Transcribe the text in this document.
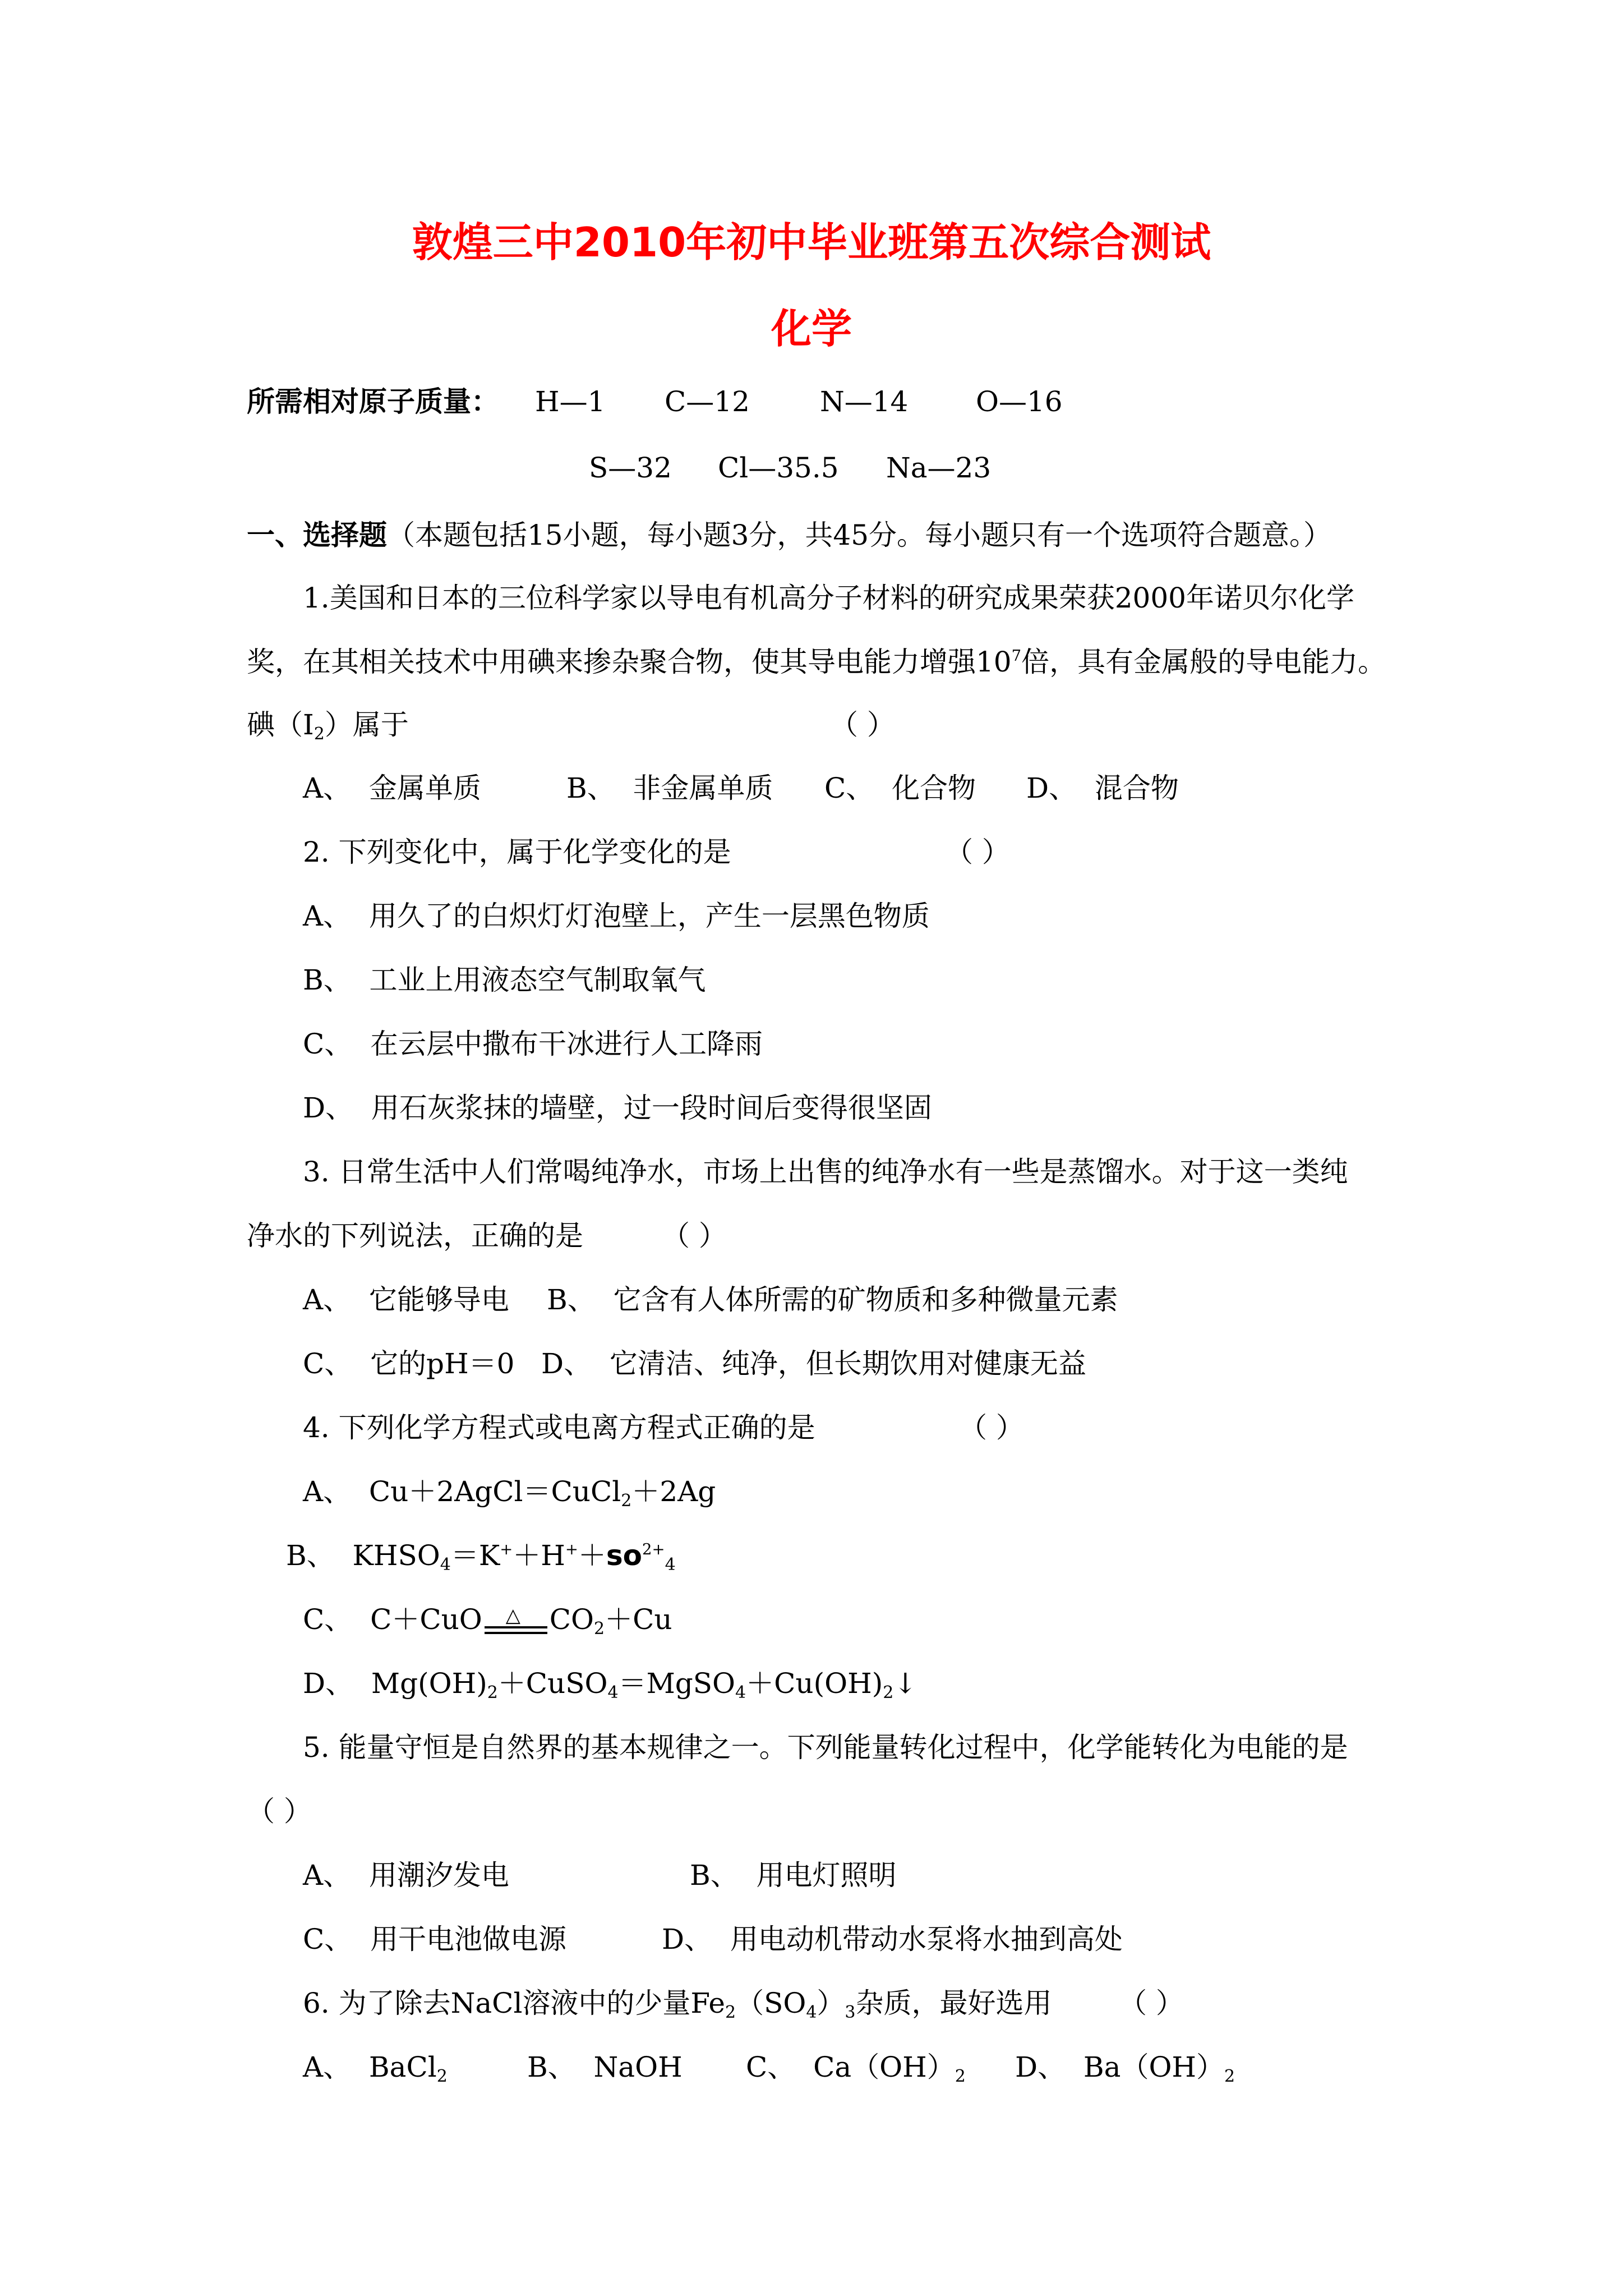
敦煌三中2010年初中毕业班第五次综合测试
化学
所需相对原子质量： H—1 C—12	N—14 O—16
S—32 Cl—35.5 Na—23
一、选择题（本题包括15小题，每小题3分，共45分。每小题只有一个选项符合题意。）
1.美国和日本的三位科学家以导电有机高分子材料的研究成果荣获2000年诺贝尔化学
奖，在其相关技术中用碘来掺杂聚合物，使其导电能力增强$10^7$倍，具有金属般的导电能力。
碘$(I_2)$属于	（ ）
A、 金属单质	B、 非金属单质 C、 化合物 D、 混合物
2. 下列变化中，属于化学变化的是	（ ）
A、 用久了的白炽灯灯泡壁上，产生一层黑色物质
B、 工业上用液态空气制取氧气
C、 在云层中撒布干冰进行人工降雨
D、 用石灰浆抹的墙壁，过一段时间后变得很坚固
3. 日常生活中人们常喝纯净水，市场上出售的纯净水有一些是蒸馏水。对于这一类纯
净水的下列说法，正确的是	（ ）
A、 它能够导电 B、 它含有人体所需的矿物质和多种微量元素
C、 它的pH＝0 D、 它清洁、纯净，但长期饮用对健康无益
4. 下列化学方程式或电离方程式正确的是	（ ）
A、 Cu＋2AgCl＝CuCl$_2$＋2Ag
B、 $KHSO_4=K^++H^++so^{2+}_4$
C、 C＋CuO △ $CO_2+Cu$
D、 $Mg(OH)_2+CuSO_4=MgSO_4+Cu(OH)_2↓$
5. 能量守恒是自然界的基本规律之一。下列能量转化过程中，化学能转化为电能的是
（ ）
A、 用潮汐发电	B、 用电灯照明
C、 用干电池做电源	D、 用电动机带动水泵将水抽到高处
6. 为了除去NaCl溶液中的少量$Fe_2(SO_4)_3$杂质，最好选用 （ ）
A、 BaCl$_2$	B、 NaOH C、 $Ca(OH)_2$ D、 $Ba(OH)_2$
